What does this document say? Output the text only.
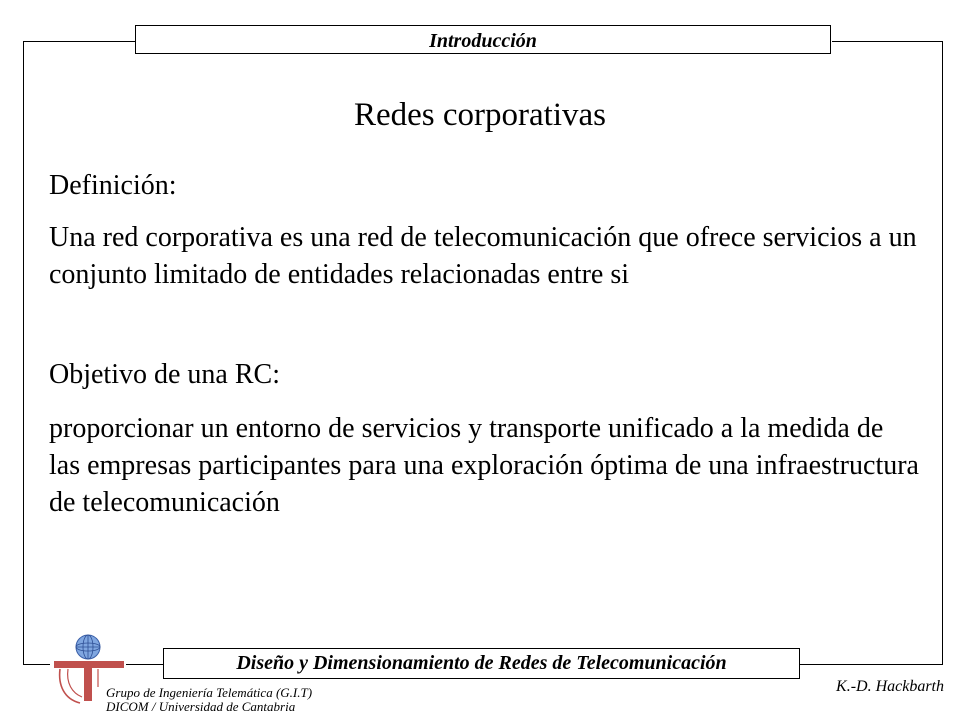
Introducción
Redes corporativas
Definición:
Una red corporativa es una red de telecomunicación que ofrece servicios a un conjunto limitado de entidades relacionadas entre si
Objetivo de una RC:
proporcionar un entorno de servicios y transporte unificado a la medida de las empresas participantes para una exploración óptima de una infraestructura de telecomunicación
Diseño y Dimensionamiento de Redes de Telecomunicación
Grupo de Ingeniería Telemática (G.I.T)
DICOM / Universidad de Cantabria
K.-D. Hackbarth
